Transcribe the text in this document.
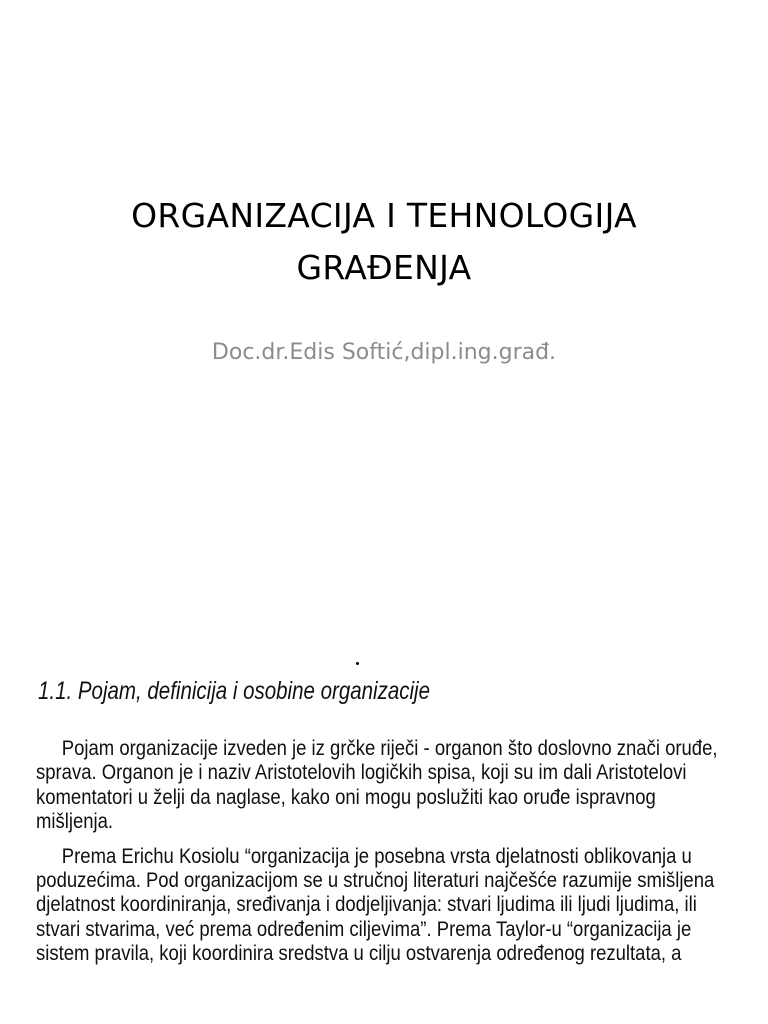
ORGANIZACIJA I TEHNOLOGIJA
GRAĐENJA
Doc.dr.Edis Softić,dipl.ing.građ.
1.1. Pojam, definicija i osobine organizacije
Pojam organizacije izveden je iz grčke riječi - organon što doslovno znači oruđe,
sprava. Organon je i naziv Aristotelovih logičkih spisa, koji su im dali Aristotelovi
komentatori u želji da naglase, kako oni mogu poslužiti kao oruđe ispravnog
mišljenja.
Prema Erichu Kosiolu “organizacija je posebna vrsta djelatnosti oblikovanja u
poduzećima. Pod organizacijom se u stručnoj literaturi najčešće razumije smišljena
djelatnost koordiniranja, sređivanja i dodjeljivanja: stvari ljudima ili ljudi ljudima, ili
stvari stvarima, već prema određenim ciljevima”. Prema Taylor-u “organizacija je
sistem pravila, koji koordinira sredstva u cilju ostvarenja određenog rezultata, a
